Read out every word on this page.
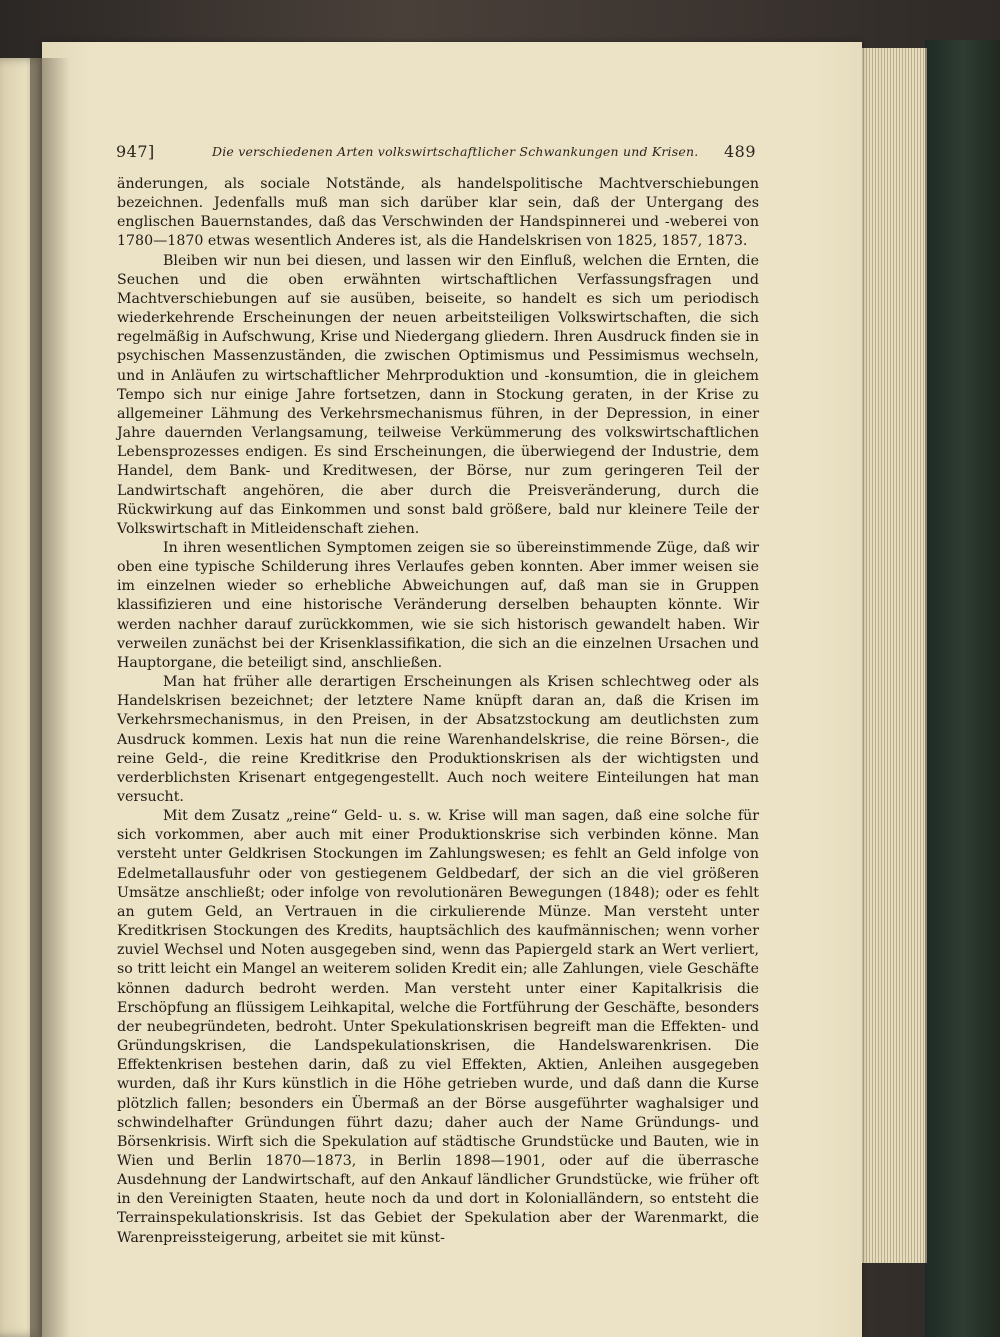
947]	Die verschiedenen Arten volkswirtschaftlicher Schwankungen und Krisen. 489

änderungen, als sociale Notstände, als handelspolitische Machtverschiebungen bezeichnen. Jedenfalls muß man sich darüber klar sein, daß der Untergang des englischen Bauernstandes, daß das Verschwinden der Handspinnerei und -weberei von 1780—1870 etwas wesentlich Anderes ist, als die Handelskrisen von 1825, 1857, 1873.

Bleiben wir nun bei diesen, und lassen wir den Einfluß, welchen die Ernten, die Seuchen und die oben erwähnten wirtschaftlichen Verfassungsfragen und Machtverschiebungen auf sie ausüben, beiseite, so handelt es sich um periodisch wiederkehrende Erscheinungen der neuen arbeitsteiligen Volkswirtschaften, die sich regelmäßig in Aufschwung, Krise und Niedergang gliedern. Ihren Ausdruck finden sie in psychischen Massenzuständen, die zwischen Optimismus und Pessimismus wechseln, und in Anläufen zu wirtschaftlicher Mehrproduktion und -konsumtion, die in gleichem Tempo sich nur einige Jahre fortsetzen, dann in Stockung geraten, in der Krise zu allgemeiner Lähmung des Verkehrsmechanismus führen, in der Depression, in einer Jahre dauernden Verlangsamung, teilweise Verkümmerung des volkswirtschaftlichen Lebensprozesses endigen. Es sind Erscheinungen, die überwiegend der Industrie, dem Handel, dem Bank- und Kreditwesen, der Börse, nur zum geringeren Teil der Landwirtschaft angehören, die aber durch die Preisveränderung, durch die Rückwirkung auf das Einkommen und sonst bald größere, bald nur kleinere Teile der Volkswirtschaft in Mitleidenschaft ziehen.

In ihren wesentlichen Symptomen zeigen sie so übereinstimmende Züge, daß wir oben eine typische Schilderung ihres Verlaufes geben konnten. Aber immer weisen sie im einzelnen wieder so erhebliche Abweichungen auf, daß man sie in Gruppen klassifizieren und eine historische Veränderung derselben behaupten könnte. Wir werden nachher darauf zurückkommen, wie sie sich historisch gewandelt haben. Wir verweilen zunächst bei der Krisenklassifikation, die sich an die einzelnen Ursachen und Hauptorgane, die beteiligt sind, anschließen.

Man hat früher alle derartigen Erscheinungen als Krisen schlechtweg oder als Handelskrisen bezeichnet; der letztere Name knüpft daran an, daß die Krisen im Verkehrsmechanismus, in den Preisen, in der Absatzstockung am deutlichsten zum Ausdruck kommen. Lexis hat nun die reine Warenhandelskrise, die reine Börsen-, die reine Geld-, die reine Kreditkrise den Produktionskrisen als der wichtigsten und verderblichsten Krisenart entgegengestellt. Auch noch weitere Einteilungen hat man versucht.

Mit dem Zusatz „reine“ Geld- u. s. w. Krise will man sagen, daß eine solche für sich vorkommen, aber auch mit einer Produktionskrise sich verbinden könne. Man versteht unter Geldkrisen Stockungen im Zahlungswesen; es fehlt an Geld infolge von Edelmetallausfuhr oder von gestiegenem Geldbedarf, der sich an die viel größeren Umsätze anschließt; oder infolge von revolutionären Bewegungen (1848); oder es fehlt an gutem Geld, an Vertrauen in die cirkulierende Münze. Man versteht unter Kreditkrisen Stockungen des Kredits, hauptsächlich des kaufmännischen; wenn vorher zuviel Wechsel und Noten ausgegeben sind, wenn das Papiergeld stark an Wert verliert, so tritt leicht ein Mangel an weiterem soliden Kredit ein; alle Zahlungen, viele Geschäfte können dadurch bedroht werden. Man versteht unter einer Kapitalkrisis die Erschöpfung an flüssigem Leihkapital, welche die Fortführung der Geschäfte, besonders der neubegründeten, bedroht. Unter Spekulationskrisen begreift man die Effekten- und Gründungskrisen, die Landspekulationskrisen, die Handelswarenkrisen. Die Effektenkrisen bestehen darin, daß zu viel Effekten, Aktien, Anleihen ausgegeben wurden, daß ihr Kurs künstlich in die Höhe getrieben wurde, und daß dann die Kurse plötzlich fallen; besonders ein Übermaß an der Börse ausgeführter waghalsiger und schwindelhafter Gründungen führt dazu; daher auch der Name Gründungs- und Börsenkrisis. Wirft sich die Spekulation auf städtische Grundstücke und Bauten, wie in Wien und Berlin 1870—1873, in Berlin 1898—1901, oder auf die überrasche Ausdehnung der Landwirtschaft, auf den Ankauf ländlicher Grundstücke, wie früher oft in den Vereinigten Staaten, heute noch da und dort in Kolonialländern, so entsteht die Terrainspekulationskrisis. Ist das Gebiet der Spekulation aber der Warenmarkt, die Warenpreissteigerung, arbeitet sie mit künst-
